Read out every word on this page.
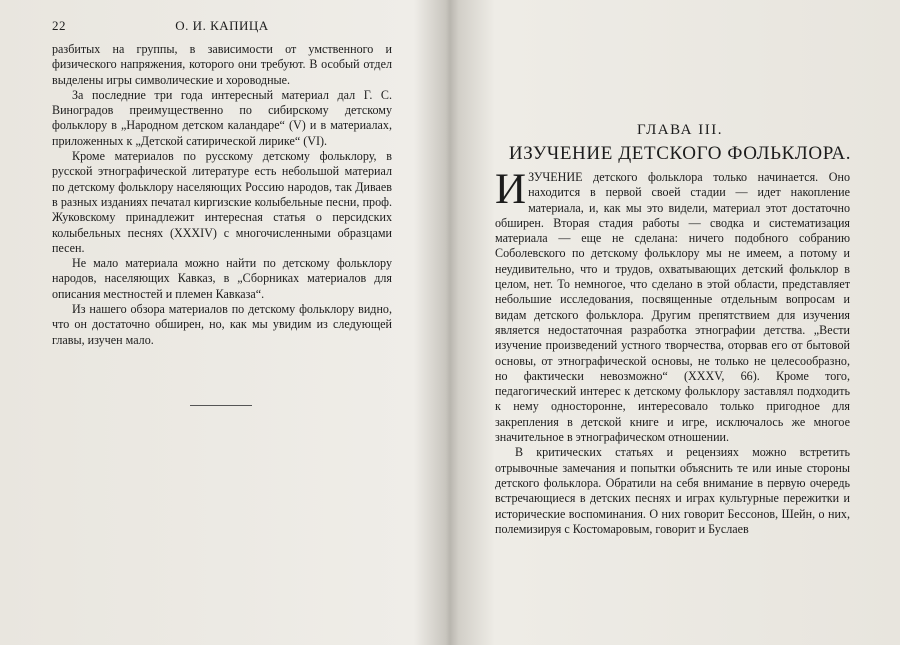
22	О. И. КАПИЦА

разбитых на группы, в зависимости от умственного и физического напряжения, которого они требуют. В особый отдел выделены игры символические и хороводные.

За последние три года интересный материал дал Г. С. Виноградов преимущественно по сибирскому детскому фольклору в „Народном детском каландаре“ (V) и в материалах, приложенных к „Детской сатирической лирике“ (VI).

Кроме материалов по русскому детскому фольклору, в русской этнографической литературе есть небольшой материал по детскому фольклору населяющих Россию народов, так Диваев в разных изданиях печатал киргизские колыбельные песни, проф. Жуковскому принадлежит интересная статья о персидских колыбельных песнях (XXXIV) с многочисленными образцами песен.

Не мало материала можно найти по детскому фольклору народов, населяющих Кавказ, в „Сборниках материалов для описания местностей и племен Кавказа“.

Из нашего обзора материалов по детскому фольклору видно, что он достаточно обширен, но, как мы увидим из следующей главы, изучен мало.

ГЛАВА III.
ИЗУЧЕНИЕ ДЕТСКОГО ФОЛЬКЛОРА.

ИЗУЧЕНИЕ детского фольклора только начинается. Оно находится в первой своей стадии — идет накопление материала, и, как мы это видели, материал этот достаточно обширен. Вторая стадия работы — сводка и систематизация материала — еще не сделана: ничего подобного собранию Соболевского по детскому фольклору мы не имеем, а потому и неудивительно, что и трудов, охватывающих детский фольклор в целом, нет. То немногое, что сделано в этой области, представляет небольшие исследования, посвященные отдельным вопросам и видам детского фольклора. Другим препятствием для изучения является недостаточная разработка этнографии детства. „Вести изучение произведений устного творчества, оторвав его от бытовой основы, от этнографической основы, не только не целесообразно, но фактически невозможно“ (XXXV, 66). Кроме того, педагогический интерес к детскому фольклору заставлял подходить к нему односторонне, интересовало только пригодное для закрепления в детской книге и игре, исключалось же многое значительное в этнографическом отношении.

В критических статьях и рецензиях можно встретить отрывочные замечания и попытки объяснить те или иные стороны детского фольклора. Обратили на себя внимание в первую очередь встречающиеся в детских песнях и играх культурные пережитки и исторические воспоминания. О них говорит Бессонов, Шейн, о них, полемизируя с Костомаровым, говорит и Буслаев
